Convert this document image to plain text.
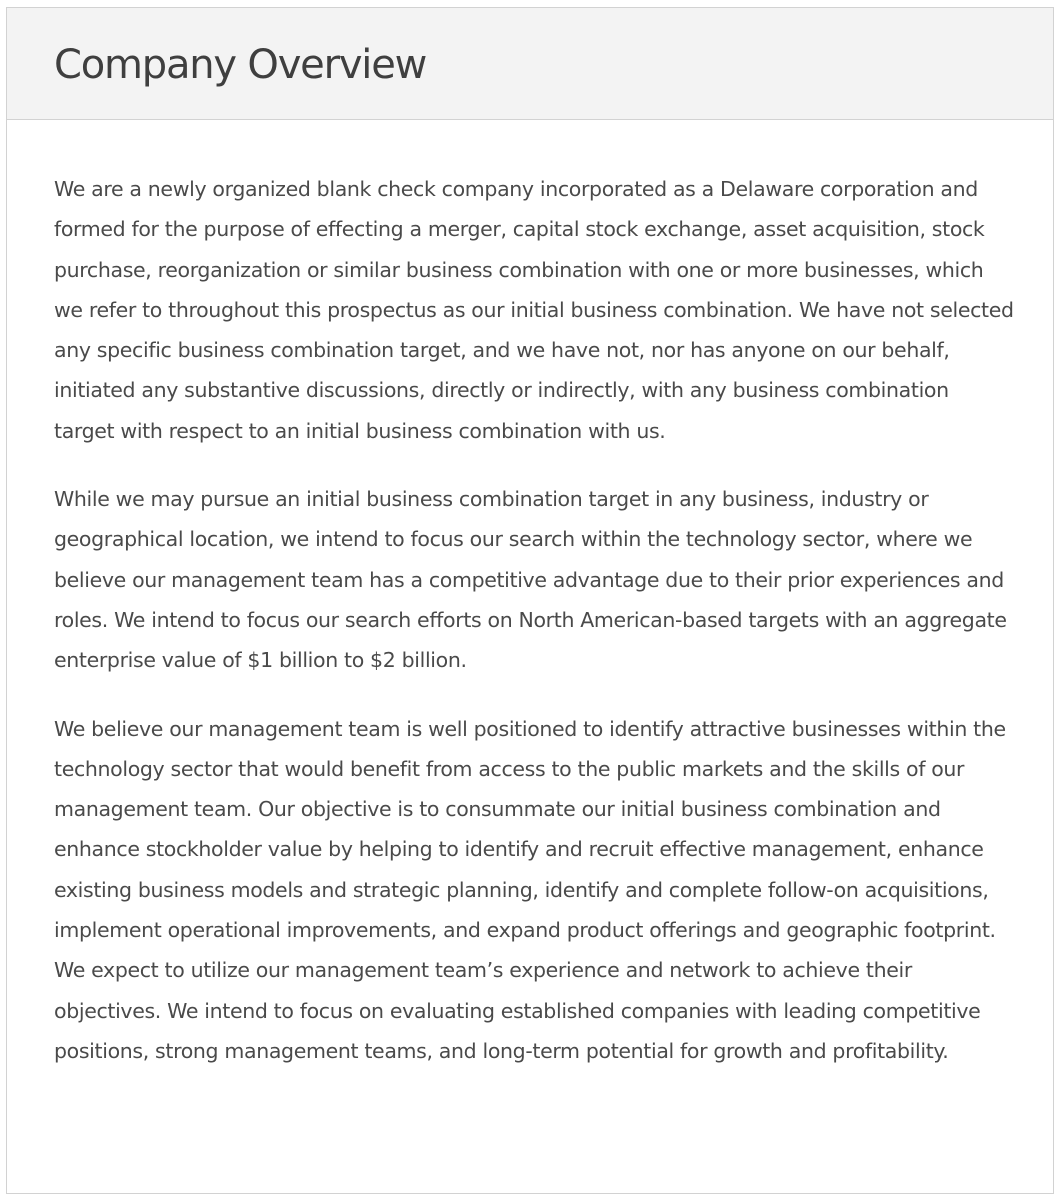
Company Overview

We are a newly organized blank check company incorporated as a Delaware corporation and formed for the purpose of effecting a merger, capital stock exchange, asset acquisition, stock purchase, reorganization or similar business combination with one or more businesses, which we refer to throughout this prospectus as our initial business combination. We have not selected any specific business combination target, and we have not, nor has anyone on our behalf, initiated any substantive discussions, directly or indirectly, with any business combination target with respect to an initial business combination with us.

While we may pursue an initial business combination target in any business, industry or geographical location, we intend to focus our search within the technology sector, where we believe our management team has a competitive advantage due to their prior experiences and roles. We intend to focus our search efforts on North American-based targets with an aggregate enterprise value of $1 billion to $2 billion.

We believe our management team is well positioned to identify attractive businesses within the technology sector that would benefit from access to the public markets and the skills of our management team. Our objective is to consummate our initial business combination and enhance stockholder value by helping to identify and recruit effective management, enhance existing business models and strategic planning, identify and complete follow-on acquisitions, implement operational improvements, and expand product offerings and geographic footprint. We expect to utilize our management team’s experience and network to achieve their objectives. We intend to focus on evaluating established companies with leading competitive positions, strong management teams, and long-term potential for growth and profitability.
